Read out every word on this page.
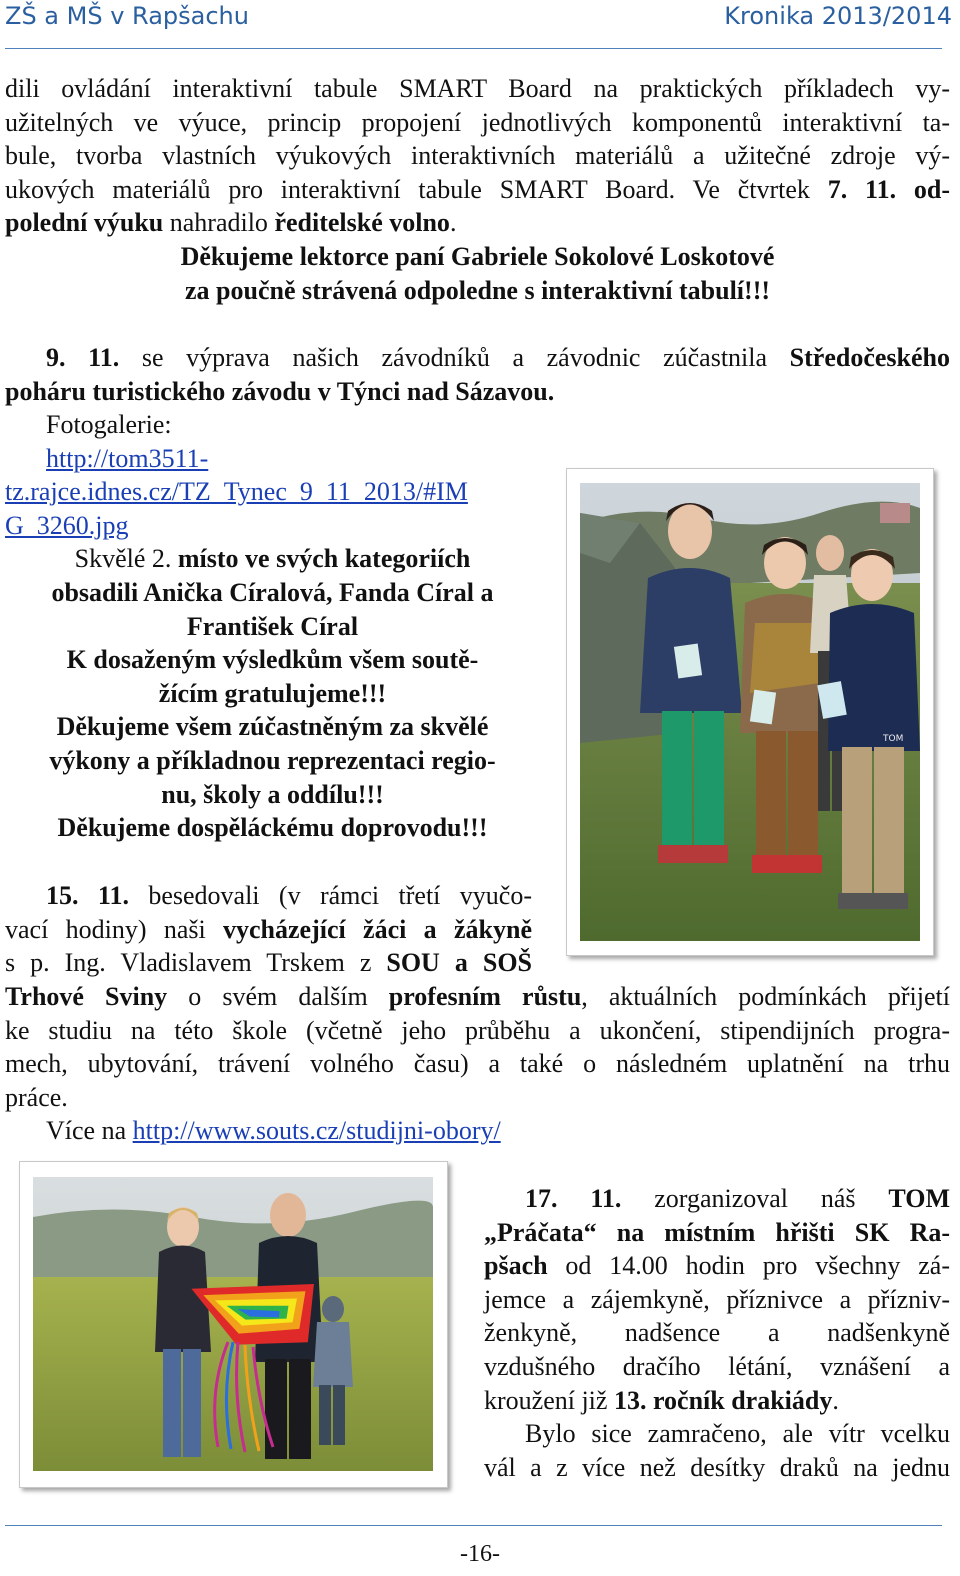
ZŠ a MŠ v Rapšachu	Kronika 2013/2014

dili ovládání interaktivní tabule SMART Board na praktických příkladech vy-

užitelných ve výuce, princip propojení jednotlivých komponentů interaktivní ta-

bule, tvorba vlastních výukových interaktivních materiálů a užitečné zdroje vý-

ukových materiálů pro interaktivní tabule SMART Board. Ve čtvrtek 7. 11. od-

polední výuku nahradilo ředitelské volno.

Děkujeme lektorce paní Gabriele Sokolové Loskotové

za poučně strávená odpoledne s interaktivní tabulí!!!

9. 11. se výprava našich závodníků a závodnic zúčastnila Středočeského

poháru turistického závodu v Týnci nad Sázavou.

Fotogalerie:

http://tom3511-

tz.rajce.idnes.cz/TZ_Tynec_9_11_2013/#IM

G_3260.jpg

Skvělé 2. místo ve svých kategoriích

obsadili Anička Círalová, Fanda Círal a

František Círal

K dosaženým výsledkům všem soutě-

žícím gratulujeme!!!

Děkujeme všem zúčastněným za skvělé

výkony a příkladnou reprezentaci regio-

nu, školy a oddílu!!!

Děkujeme dospěláckému doprovodu!!!

TOM

15. 11. besedovali (v rámci třetí vyučo-

vací hodiny) naši vycházející žáci a žákyně

s p. Ing. Vladislavem Trskem z SOU a SOŠ

Trhové Sviny o svém dalším profesním růstu, aktuálních podmínkách přijetí

ke studiu na této škole (včetně jeho průběhu a ukončení, stipendijních progra-

mech, ubytování, trávení volného času) a také o následném uplatnění na trhu

práce.

Více na http://www.souts.cz/studijni-obory/

17. 11. zorganizoval náš TOM

„Práčata“ na místním hřišti SK Ra-

pšach od 14.00 hodin pro všechny zá-

jemce a zájemkyně, příznivce a přízniv-

ženkyně, nadšence a nadšenkyně

vzdušného dračího létání, vznášení a

kroužení již 13. ročník drakiády.

Bylo sice zamračeno, ale vítr vcelku

vál a z více než desítky draků na jednu

-16-
